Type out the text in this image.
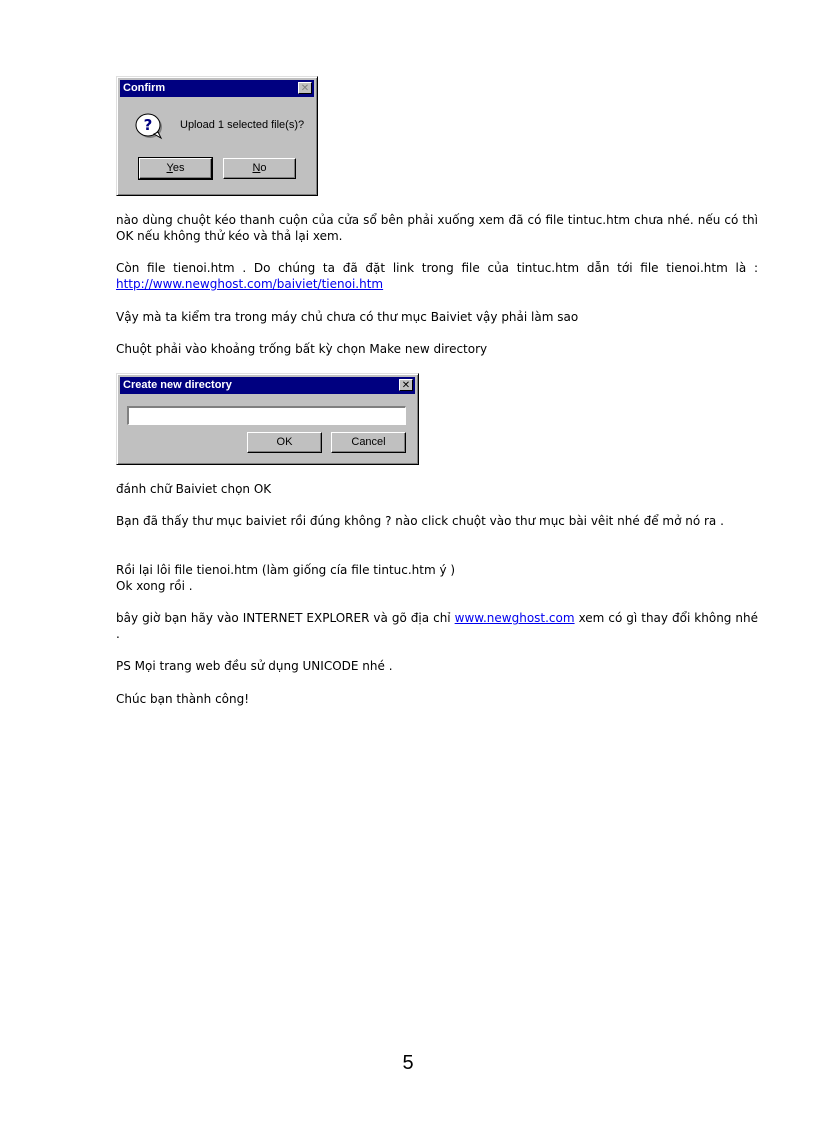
Confirm	✕
?	Upload 1 selected file(s)?
Yes	No

nào dùng chuột kéo thanh cuộn của cửa sổ bên phải xuống xem đã có file tintuc.htm chưa nhé. nếu có thì OK nếu không thử kéo và thả lại xem.

Còn file tienoi.htm . Do chúng ta đã đặt link trong file của tintuc.htm dẫn tới file tienoi.htm là : http://www.newghost.com/baiviet/tienoi.htm

Vậy mà ta kiểm tra trong máy chủ chưa có thư mục Baiviet vậy phải làm sao

Chuột phải vào khoảng trống bất kỳ chọn Make new directory

Create new directory	✕
OK	Cancel

đánh chữ Baiviet chọn OK

Bạn đã thấy thư mục baiviet rồi đúng không ? nào click chuột vào thư mục bài vêit nhé để mở nó ra .

Rồi lại lôi file tienoi.htm (làm giống cía file tintuc.htm ý )
Ok xong rồi .

bây giờ bạn hãy vào INTERNET EXPLORER và gõ địa chỉ www.newghost.com xem có gì thay đổi không nhé .

PS Mọi trang web đều sử dụng UNICODE nhé .

Chúc bạn thành công!

5
